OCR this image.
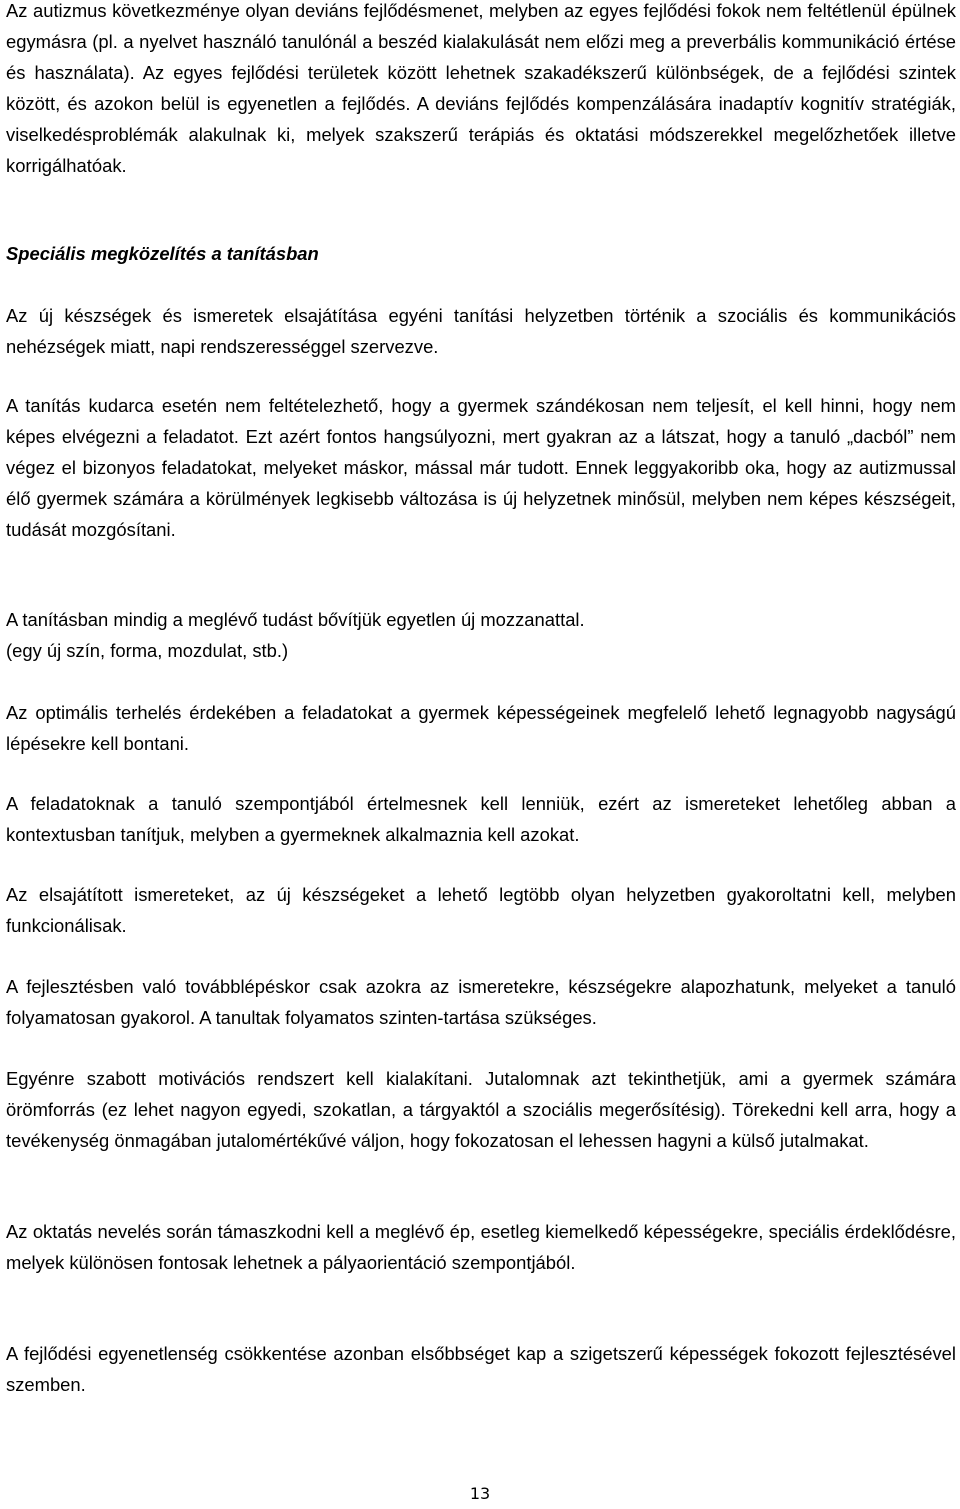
Az autizmus következménye olyan deviáns fejlődésmenet, melyben az egyes fejlődési fokok nem feltétlenül épülnek egymásra (pl. a nyelvet használó tanulónál a beszéd kialakulását nem előzi meg a preverbális kommunikáció értése és használata). Az egyes fejlődési területek között lehetnek szakadékszerű különbségek, de a fejlődési szintek között, és azokon belül is egyenetlen a fejlődés. A deviáns fejlődés kompenzálására inadaptív kognitív stratégiák, viselkedésproblémák alakulnak ki, melyek szakszerű terápiás és oktatási módszerekkel megelőzhetőek illetve korrigálhatóak.

Speciális megközelítés a tanításban

Az új készségek és ismeretek elsajátítása egyéni tanítási helyzetben történik a szociális és kommunikációs nehézségek miatt, napi rendszerességgel szervezve.

A tanítás kudarca esetén nem feltételezhető, hogy a gyermek szándékosan nem teljesít, el kell hinni, hogy nem képes elvégezni a feladatot. Ezt azért fontos hangsúlyozni, mert gyakran az a látszat, hogy a tanuló „dacból” nem végez el bizonyos feladatokat, melyeket máskor, mással már tudott. Ennek leggyakoribb oka, hogy az autizmussal élő gyermek számára a körülmények legkisebb változása is új helyzetnek minősül, melyben nem képes készségeit, tudását mozgósítani.

A tanításban mindig a meglévő tudást bővítjük egyetlen új mozzanattal.
(egy új szín, forma, mozdulat, stb.)

Az optimális terhelés érdekében a feladatokat a gyermek képességeinek megfelelő lehető legnagyobb nagyságú lépésekre kell bontani.

A feladatoknak a tanuló szempontjából értelmesnek kell lenniük, ezért az ismereteket lehetőleg abban a kontextusban tanítjuk, melyben a gyermeknek alkalmaznia kell azokat.

Az elsajátított ismereteket, az új készségeket a lehető legtöbb olyan helyzetben gyakoroltatni kell, melyben funkcionálisak.

A fejlesztésben való továbblépéskor csak azokra az ismeretekre, készségekre alapozhatunk, melyeket a tanuló folyamatosan gyakorol. A tanultak folyamatos szinten-tartása szükséges.

Egyénre szabott motivációs rendszert kell kialakítani. Jutalomnak azt tekinthetjük, ami a gyermek számára örömforrás (ez lehet nagyon egyedi, szokatlan, a tárgyaktól a szociális megerősítésig). Törekedni kell arra, hogy a tevékenység önmagában jutalomértékűvé váljon, hogy fokozatosan el lehessen hagyni a külső jutalmakat.

Az oktatás nevelés során támaszkodni kell a meglévő ép, esetleg kiemelkedő képességekre, speciális érdeklődésre, melyek különösen fontosak lehetnek a pályaorientáció szempontjából.

A fejlődési egyenetlenség csökkentése azonban elsőbbséget kap a szigetszerű képességek fokozott fejlesztésével szemben.

13
